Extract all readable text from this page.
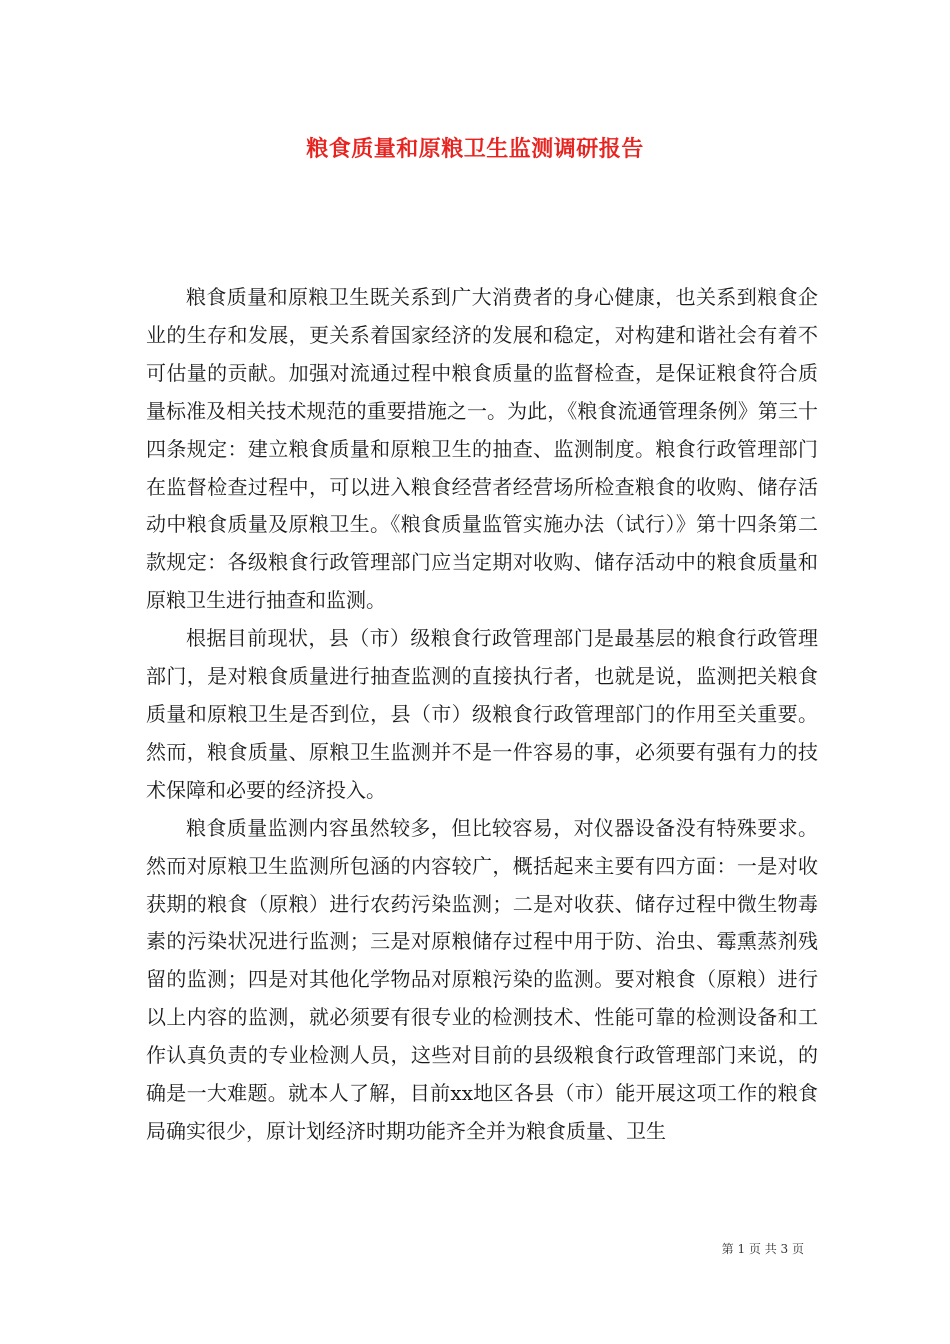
粮食质量和原粮卫生监测调研报告

粮食质量和原粮卫生既关系到广大消费者的身心健康，也关系到粮食企业的生存和发展，更关系着国家经济的发展和稳定，对构建和谐社会有着不可估量的贡献。加强对流通过程中粮食质量的监督检查，是保证粮食符合质量标准及相关技术规范的重要措施之一。为此，《粮食流通管理条例》第三十四条规定：建立粮食质量和原粮卫生的抽查、监测制度。粮食行政管理部门在监督检查过程中，可以进入粮食经营者经营场所检查粮食的收购、储存活动中粮食质量及原粮卫生。《粮食质量监管实施办法（试行）》第十四条第二款规定：各级粮食行政管理部门应当定期对收购、储存活动中的粮食质量和原粮卫生进行抽查和监测。

根据目前现状，县（市）级粮食行政管理部门是最基层的粮食行政管理部门，是对粮食质量进行抽查监测的直接执行者，也就是说，监测把关粮食质量和原粮卫生是否到位，县（市）级粮食行政管理部门的作用至关重要。然而，粮食质量、原粮卫生监测并不是一件容易的事，必须要有强有力的技术保障和必要的经济投入。

粮食质量监测内容虽然较多，但比较容易，对仪器设备没有特殊要求。然而对原粮卫生监测所包涵的内容较广，概括起来主要有四方面：一是对收获期的粮食（原粮）进行农药污染监测；二是对收获、储存过程中微生物毒素的污染状况进行监测；三是对原粮储存过程中用于防、治虫、霉熏蒸剂残留的监测；四是对其他化学物品对原粮污染的监测。要对粮食（原粮）进行以上内容的监测，就必须要有很专业的检测技术、性能可靠的检测设备和工作认真负责的专业检测人员，这些对目前的县级粮食行政管理部门来说，的确是一大难题。就本人了解，目前xx地区各县（市）能开展这项工作的粮食局确实很少，原计划经济时期功能齐全并为粮食质量、卫生

第 1 页 共 3 页
